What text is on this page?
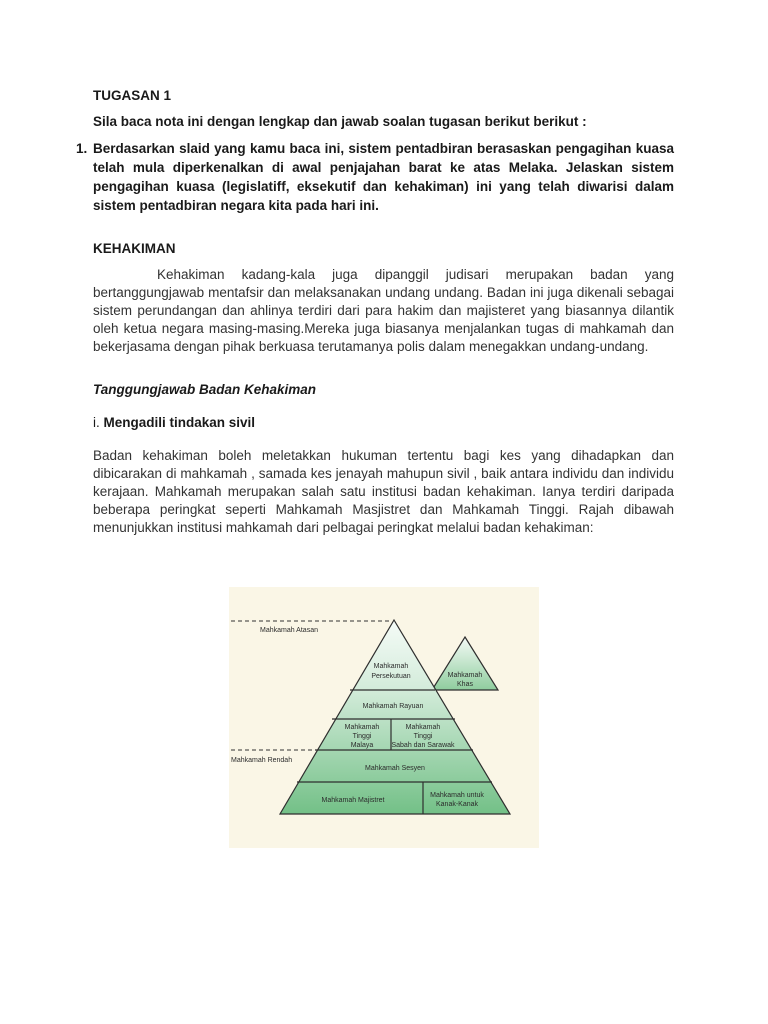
TUGASAN 1
Sila baca nota ini dengan lengkap dan jawab soalan tugasan berikut berikut :
1. Berdasarkan slaid yang kamu baca ini, sistem pentadbiran berasaskan pengagihan kuasa telah mula diperkenalkan di awal penjajahan barat ke atas Melaka. Jelaskan sistem pengagihan kuasa (legislatiff, eksekutif dan kehakiman) ini yang telah diwarisi dalam sistem pentadbiran negara kita pada hari ini.
KEHAKIMAN
Kehakiman kadang-kala juga dipanggil judisari merupakan badan yang bertanggungjawab mentafsir dan melaksanakan undang undang. Badan ini juga dikenali sebagai sistem perundangan dan ahlinya terdiri dari para hakim dan majisteret yang biasannya dilantik oleh ketua negara masing-masing.Mereka juga biasanya menjalankan tugas di mahkamah dan bekerjasama dengan pihak berkuasa terutamanya polis dalam menegakkan undang-undang.
Tanggungjawab Badan Kehakiman
i. Mengadili tindakan sivil
Badan kehakiman boleh meletakkan hukuman tertentu bagi kes yang dihadapkan dan dibicarakan di mahkamah , samada kes jenayah mahupun sivil , baik antara individu dan individu kerajaan. Mahkamah merupakan salah satu institusi badan kehakiman. Ianya terdiri daripada beberapa peringkat seperti Mahkamah Masjistret dan Mahkamah Tinggi. Rajah dibawah menunjukkan institusi mahkamah dari pelbagai peringkat melalui badan kehakiman:
Mahkamah Atasan
Mahkamah Rendah
Mahkamah
Persekutuan	Mahkamah
Khas
Mahkamah Rayuan
Mahkamah
Tinggi
Malaya
Mahkamah
Tinggi
Sabah dan Sarawak
Mahkamah Sesyen
Mahkamah Majistret
Mahkamah untuk
Kanak-Kanak
